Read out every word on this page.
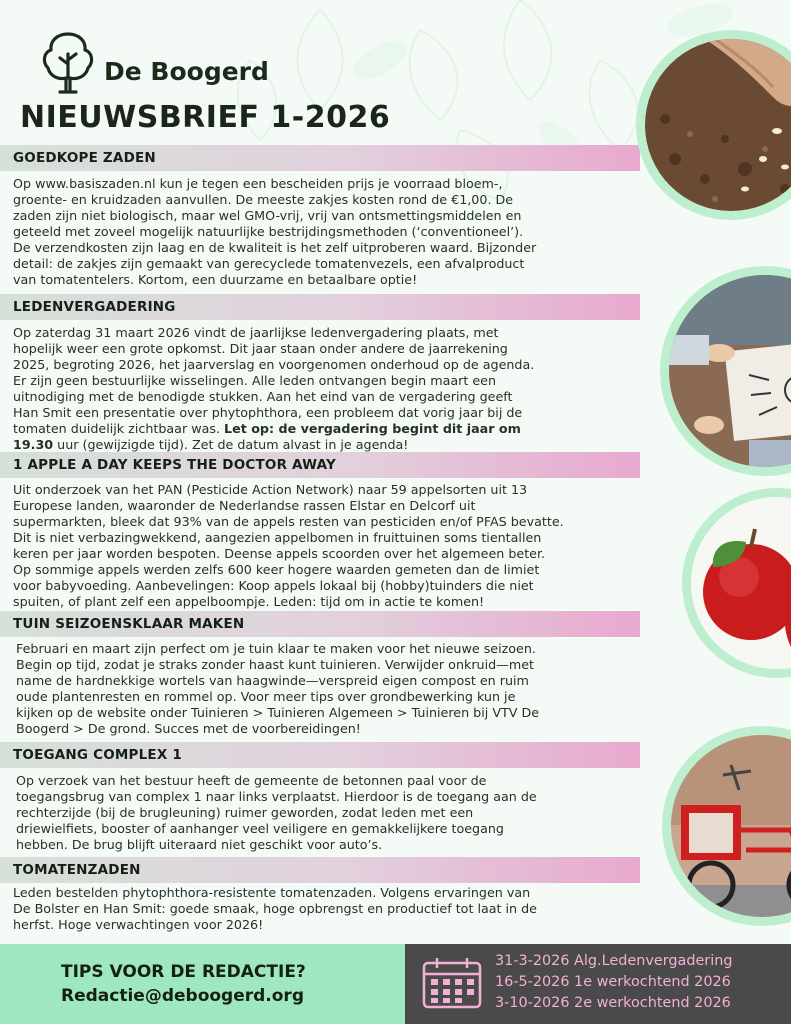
De Boogerd
NIEUWSBRIEF 1-2026
GOEDKOPE ZADEN
Op www.basiszaden.nl kun je tegen een bescheiden prijs je voorraad bloem-,
groente- en kruidzaden aanvullen. De meeste zakjes kosten rond de €1,00. De
zaden zijn niet biologisch, maar wel GMO-vrij, vrij van ontsmettingsmiddelen en
geteeld met zoveel mogelijk natuurlijke bestrijdingsmethoden (‘conventioneel’).
De verzendkosten zijn laag en de kwaliteit is het zelf uitproberen waard. Bijzonder
detail: de zakjes zijn gemaakt van gerecyclede tomatenvezels, een afvalproduct
van tomatentelers. Kortom, een duurzame en betaalbare optie!
LEDENVERGADERING
Op zaterdag 31 maart 2026 vindt de jaarlijkse ledenvergadering plaats, met
hopelijk weer een grote opkomst. Dit jaar staan onder andere de jaarrekening
2025, begroting 2026, het jaarverslag en voorgenomen onderhoud op de agenda.
Er zijn geen bestuurlijke wisselingen. Alle leden ontvangen begin maart een
uitnodiging met de benodigde stukken. Aan het eind van de vergadering geeft
Han Smit een presentatie over phytophthora, een probleem dat vorig jaar bij de
tomaten duidelijk zichtbaar was. Let op: de vergadering begint dit jaar om
19.30 uur (gewijzigde tijd). Zet de datum alvast in je agenda!
1 APPLE A DAY KEEPS THE DOCTOR AWAY
Uit onderzoek van het PAN (Pesticide Action Network) naar 59 appelsorten uit 13
Europese landen, waaronder de Nederlandse rassen Elstar en Delcorf uit
supermarkten, bleek dat 93% van de appels resten van pesticiden en/of PFAS bevatte.
Dit is niet verbazingwekkend, aangezien appelbomen in fruittuinen soms tientallen
keren per jaar worden bespoten. Deense appels scoorden over het algemeen beter.
Op sommige appels werden zelfs 600 keer hogere waarden gemeten dan de limiet
voor babyvoeding. Aanbevelingen: Koop appels lokaal bij (hobby)tuinders die niet
spuiten, of plant zelf een appelboompje. Leden: tijd om in actie te komen!
TUIN SEIZOENSKLAAR MAKEN
Februari en maart zijn perfect om je tuin klaar te maken voor het nieuwe seizoen.
Begin op tijd, zodat je straks zonder haast kunt tuinieren. Verwijder onkruid—met
name de hardnekkige wortels van haagwinde—verspreid eigen compost en ruim
oude plantenresten en rommel op. Voor meer tips over grondbewerking kun je
kijken op de website onder Tuinieren > Tuinieren Algemeen > Tuinieren bij VTV De
Boogerd > De grond. Succes met de voorbereidingen!
TOEGANG COMPLEX 1
Op verzoek van het bestuur heeft de gemeente de betonnen paal voor de
toegangsbrug van complex 1 naar links verplaatst. Hierdoor is de toegang aan de
rechterzijde (bij de brugleuning) ruimer geworden, zodat leden met een
driewielfiets, booster of aanhanger veel veiligere en gemakkelijkere toegang
hebben. De brug blijft uiteraard niet geschikt voor auto’s.
TOMATENZADEN
Leden bestelden phytophthora-resistente tomatenzaden. Volgens ervaringen van
De Bolster en Han Smit: goede smaak, hoge opbrengst en productief tot laat in de
herfst. Hoge verwachtingen voor 2026!
TIPS VOOR DE REDACTIE?
Redactie@deboogerd.org
31-3-2026 Alg.Ledenvergadering
16-5-2026 1e werkochtend 2026
3-10-2026 2e werkochtend 2026
